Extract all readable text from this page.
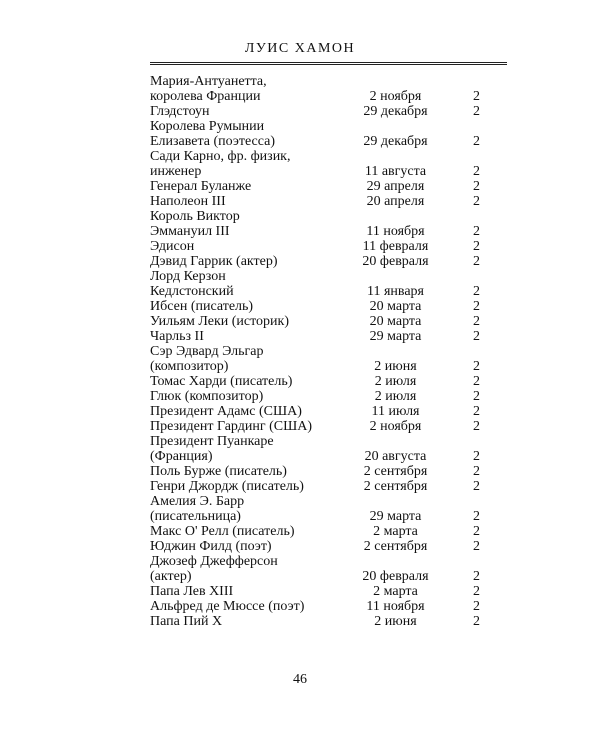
ЛУИС ХАМОН
Мария-Антуанетта,
королева Франции	2 ноября	2
Глэдстоун	29 декабря	2
Королева Румынии
Елизавета (поэтесса)	29 декабря	2
Сади Карно, фр. физик,
инженер	11 августа	2
Генерал Буланже	29 апреля	2
Наполеон III	20 апреля	2
Король Виктор
Эммануил III	11 ноября	2
Эдисон	11 февраля	2
Дэвид Гаррик (актер)	20 февраля	2
Лорд Керзон
Кедлстонский	11 января	2
Ибсен (писатель)	20 марта	2
Уильям Леки (историк)	20 марта	2
Чарльз II	29 марта	2
Сэр Эдвард Эльгар
(композитор)	2 июня	2
Томас Харди (писатель)	2 июля	2
Глюк (композитор)	2 июля	2
Президент Адамс (США)	11 июля	2
Президент Гардинг (США)	2 ноября	2
Президент Пуанкаре
(Франция)	20 августа	2
Поль Бурже (писатель)	2 сентября	2
Генри Джордж (писатель)	2 сентября	2
Амелия Э. Барр
(писательница)	29 марта	2
Макс О' Релл (писатель)	2 марта	2
Юджин Филд (поэт)	2 сентября	2
Джозеф Джефферсон
(актер)	20 февраля	2
Папа Лев XIII	2 марта	2
Альфред де Мюссе (поэт)	11 ноября	2
Папа Пий X	2 июня	2
46
